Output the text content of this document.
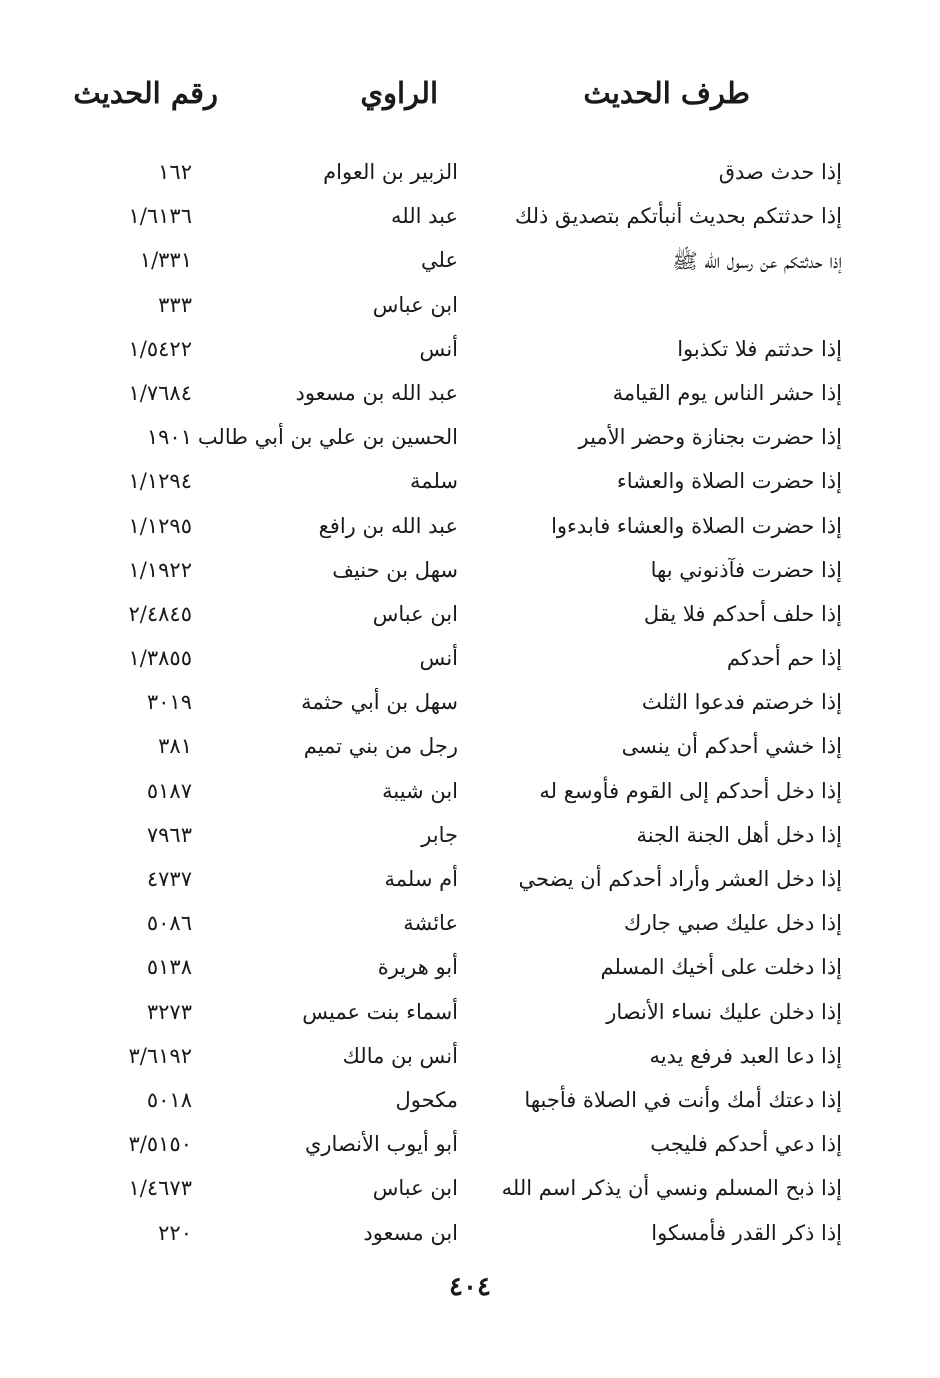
طرف الحديث
الراوي
رقم الحديث
إذا حدث صدق
الزبير بن العوام
١٦٢
إذا حدثتكم بحديث أنبأتكم بتصديق ذلك
عبد الله
١/٦١٣٦
إذا حدثتكم عن رسول الله ﷺ
علي
١/٣٣١
ابن عباس
٣٣٣
إذا حدثتم فلا تكذبوا
أنس
١/٥٤٢٢
إذا حشر الناس يوم القيامة
عبد الله بن مسعود
١/٧٦٨٤
إذا حضرت بجنازة وحضر الأمير
الحسين بن علي بن أبي طالب
١٩٠١
إذا حضرت الصلاة والعشاء
سلمة
١/١٢٩٤
إذا حضرت الصلاة والعشاء فابدءوا
عبد الله بن رافع
١/١٢٩٥
إذا حضرت فآذنوني بها
سهل بن حنيف
١/١٩٢٢
إذا حلف أحدكم فلا يقل
ابن عباس
٢/٤٨٤٥
إذا حم أحدكم
أنس
١/٣٨٥٥
إذا خرصتم فدعوا الثلث
سهل بن أبي حثمة
٣٠١٩
إذا خشي أحدكم أن ينسى
رجل من بني تميم
٣٨١
إذا دخل أحدكم إلى القوم فأوسع له
ابن شيبة
٥١٨٧
إذا دخل أهل الجنة الجنة
جابر
٧٩٦٣
إذا دخل العشر وأراد أحدكم أن يضحي
أم سلمة
٤٧٣٧
إذا دخل عليك صبي جارك
عائشة
٥٠٨٦
إذا دخلت على أخيك المسلم
أبو هريرة
٥١٣٨
إذا دخلن عليك نساء الأنصار
أسماء بنت عميس
٣٢٧٣
إذا دعا العبد فرفع يديه
أنس بن مالك
٣/٦١٩٢
إذا دعتك أمك وأنت في الصلاة فأجبها
مكحول
٥٠١٨
إذا دعي أحدكم فليجب
أبو أيوب الأنصاري
٣/٥١٥٠
إذا ذبح المسلم ونسي أن يذكر اسم الله
ابن عباس
١/٤٦٧٣
إذا ذكر القدر فأمسكوا
ابن مسعود
٢٢٠
٤٠٤
